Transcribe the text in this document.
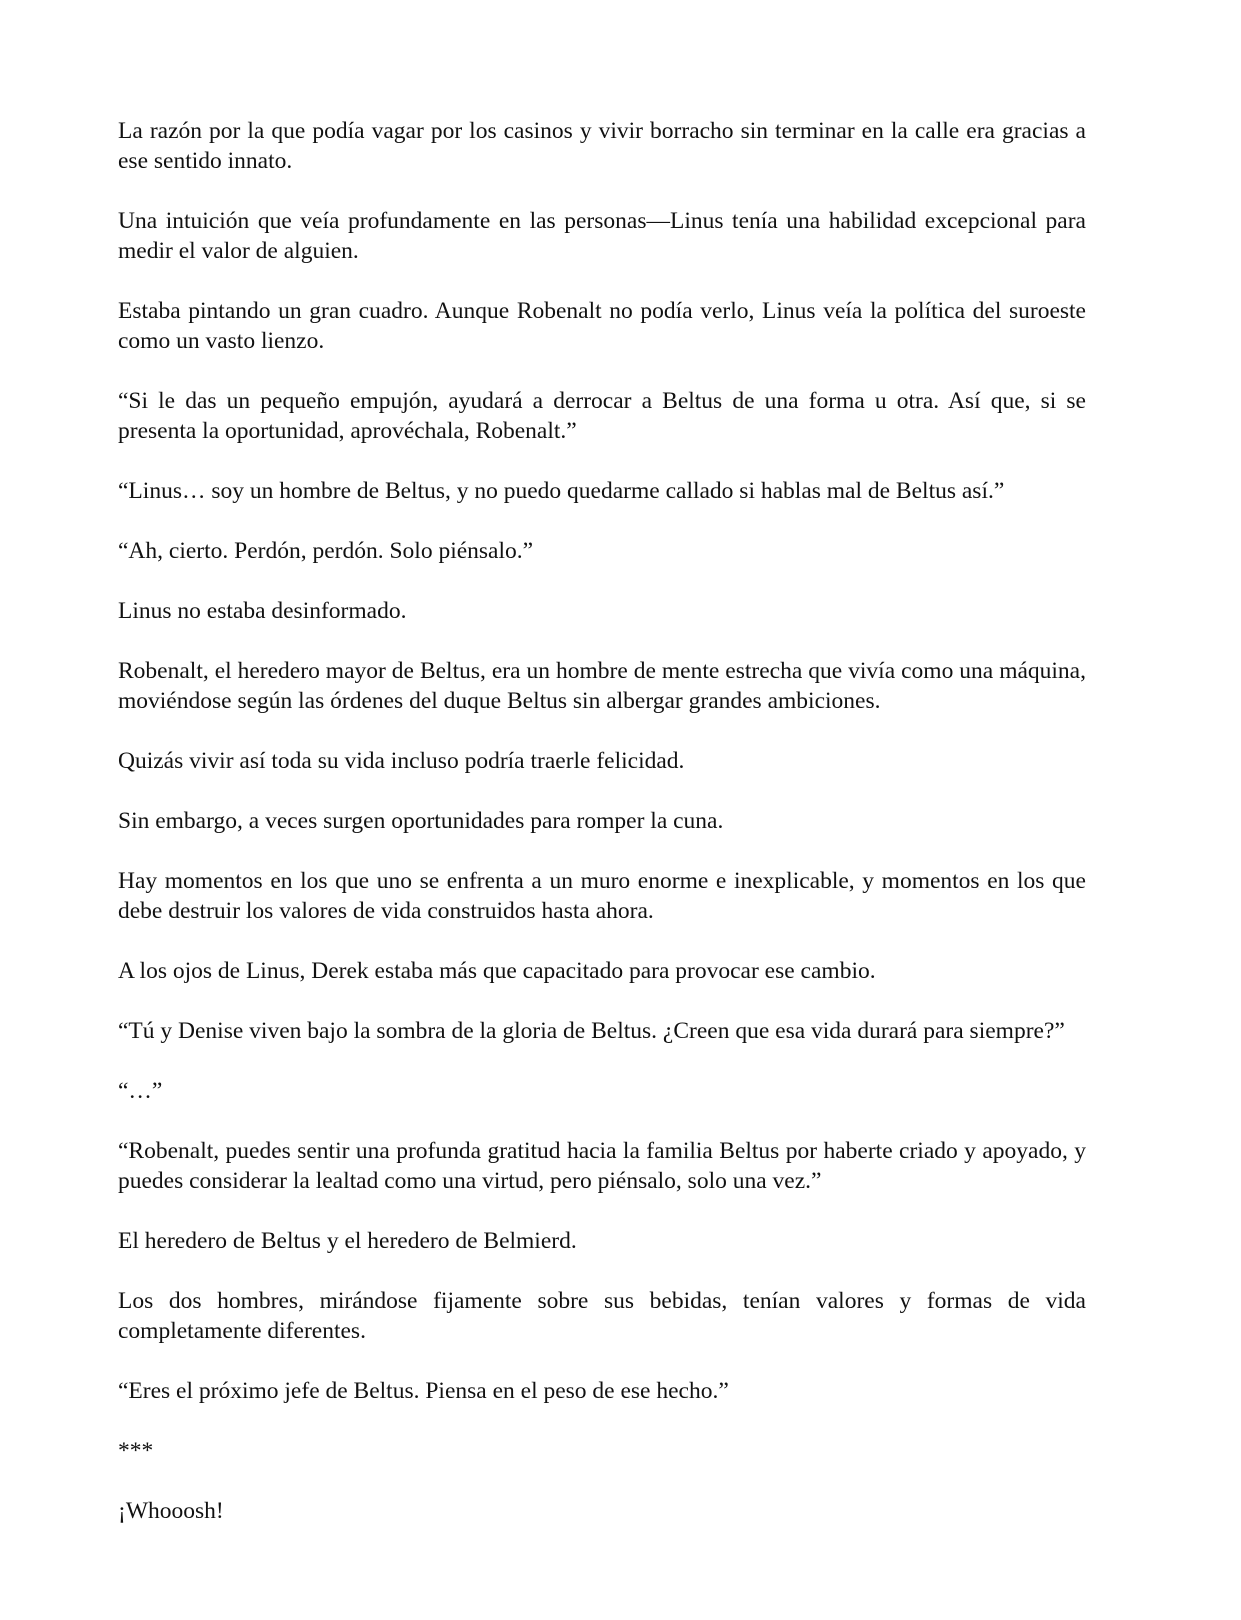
La razón por la que podía vagar por los casinos y vivir borracho sin terminar en la calle era gracias a ese sentido innato.

Una intuición que veía profundamente en las personas—Linus tenía una habilidad excepcional para medir el valor de alguien.

Estaba pintando un gran cuadro. Aunque Robenalt no podía verlo, Linus veía la política del suroeste como un vasto lienzo.

“Si le das un pequeño empujón, ayudará a derrocar a Beltus de una forma u otra. Así que, si se presenta la oportunidad, aprovéchala, Robenalt.”

“Linus… soy un hombre de Beltus, y no puedo quedarme callado si hablas mal de Beltus así.”

“Ah, cierto. Perdón, perdón. Solo piénsalo.”

Linus no estaba desinformado.

Robenalt, el heredero mayor de Beltus, era un hombre de mente estrecha que vivía como una máquina, moviéndose según las órdenes del duque Beltus sin albergar grandes ambiciones.

Quizás vivir así toda su vida incluso podría traerle felicidad.

Sin embargo, a veces surgen oportunidades para romper la cuna.

Hay momentos en los que uno se enfrenta a un muro enorme e inexplicable, y momentos en los que debe destruir los valores de vida construidos hasta ahora.

A los ojos de Linus, Derek estaba más que capacitado para provocar ese cambio.

“Tú y Denise viven bajo la sombra de la gloria de Beltus. ¿Creen que esa vida durará para siempre?”

“…”

“Robenalt, puedes sentir una profunda gratitud hacia la familia Beltus por haberte criado y apoyado, y puedes considerar la lealtad como una virtud, pero piénsalo, solo una vez.”

El heredero de Beltus y el heredero de Belmierd.

Los dos hombres, mirándose fijamente sobre sus bebidas, tenían valores y formas de vida completamente diferentes.

“Eres el próximo jefe de Beltus. Piensa en el peso de ese hecho.”

***

¡Whooosh!
